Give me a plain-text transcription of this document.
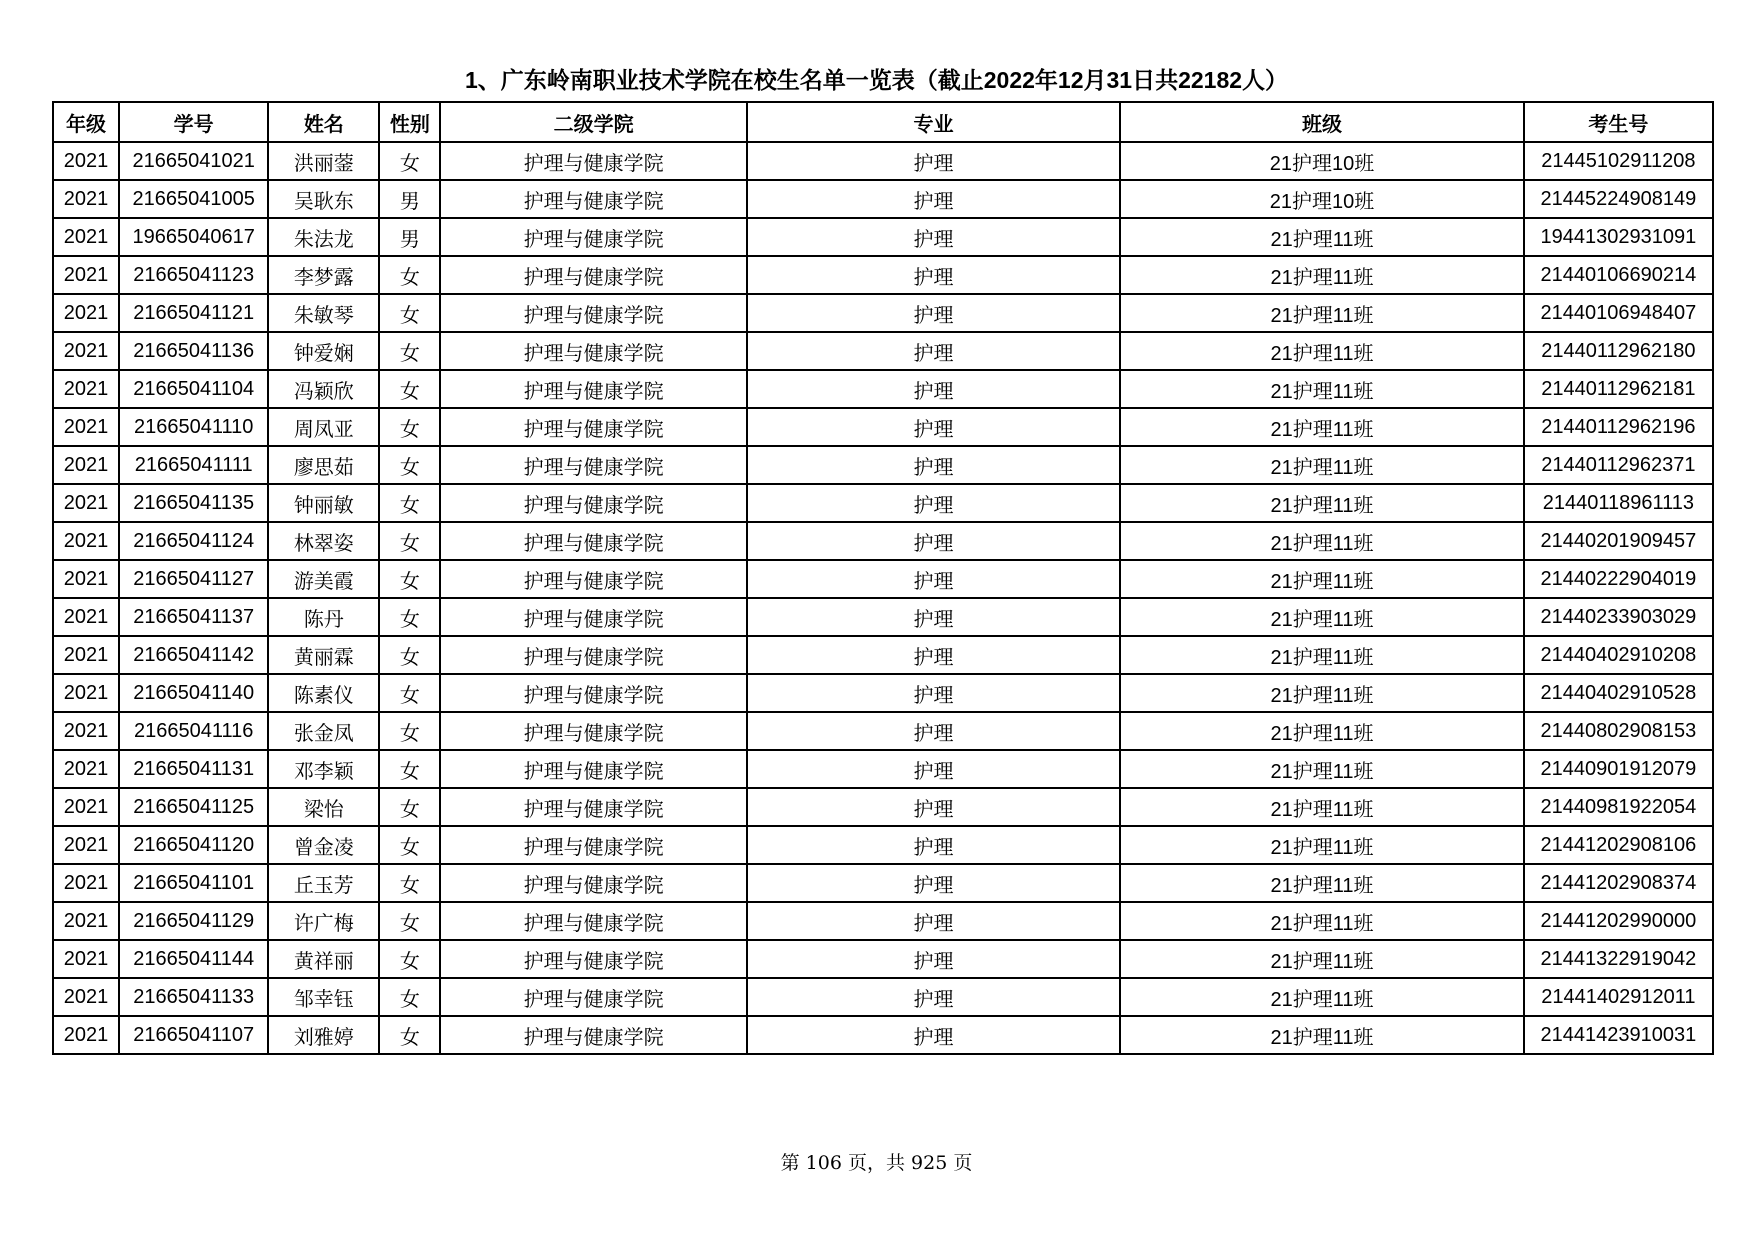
1、广东岭南职业技术学院在校生名单一览表（截止2022年12月31日共22182人）
年级	学号	姓名	性别	二级学院	专业	班级	考生号
2021	21665041021	洪丽蓥	女	护理与健康学院	护理	21护理10班	21445102911208
2021	21665041005	吴耿东	男	护理与健康学院	护理	21护理10班	21445224908149
2021	19665040617	朱法龙	男	护理与健康学院	护理	21护理11班	19441302931091
2021	21665041123	李梦露	女	护理与健康学院	护理	21护理11班	21440106690214
2021	21665041121	朱敏琴	女	护理与健康学院	护理	21护理11班	21440106948407
2021	21665041136	钟爱娴	女	护理与健康学院	护理	21护理11班	21440112962180
2021	21665041104	冯颖欣	女	护理与健康学院	护理	21护理11班	21440112962181
2021	21665041110	周凤亚	女	护理与健康学院	护理	21护理11班	21440112962196
2021	21665041111	廖思茹	女	护理与健康学院	护理	21护理11班	21440112962371
2021	21665041135	钟丽敏	女	护理与健康学院	护理	21护理11班	21440118961113
2021	21665041124	林翠姿	女	护理与健康学院	护理	21护理11班	21440201909457
2021	21665041127	游美霞	女	护理与健康学院	护理	21护理11班	21440222904019
2021	21665041137	陈丹	女	护理与健康学院	护理	21护理11班	21440233903029
2021	21665041142	黄丽霖	女	护理与健康学院	护理	21护理11班	21440402910208
2021	21665041140	陈素仪	女	护理与健康学院	护理	21护理11班	21440402910528
2021	21665041116	张金凤	女	护理与健康学院	护理	21护理11班	21440802908153
2021	21665041131	邓李颖	女	护理与健康学院	护理	21护理11班	21440901912079
2021	21665041125	梁怡	女	护理与健康学院	护理	21护理11班	21440981922054
2021	21665041120	曾金凌	女	护理与健康学院	护理	21护理11班	21441202908106
2021	21665041101	丘玉芳	女	护理与健康学院	护理	21护理11班	21441202908374
2021	21665041129	许广梅	女	护理与健康学院	护理	21护理11班	21441202990000
2021	21665041144	黄祥丽	女	护理与健康学院	护理	21护理11班	21441322919042
2021	21665041133	邹幸钰	女	护理与健康学院	护理	21护理11班	21441402912011
2021	21665041107	刘雅婷	女	护理与健康学院	护理	21护理11班	21441423910031
第 106 页，共 925 页
